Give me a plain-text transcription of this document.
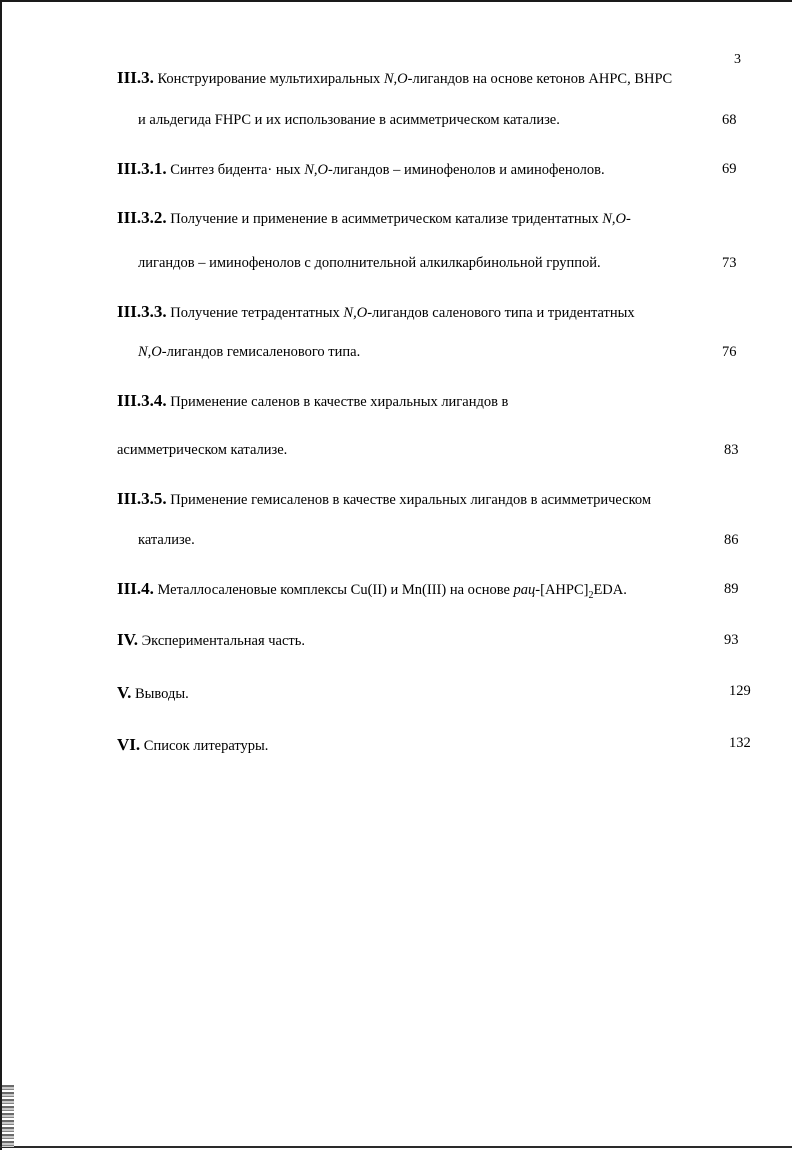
3
III.3. Конструирование мультихиральных N,O-лигандов на основе кетонов AHPC, BHPC
и альдегида FHPC и их использование в асимметрическом катализе.	68
III.3.1. Синтез бидента· ных N,O-лигандов – иминофенолов и аминофенолов.	69
III.3.2. Получение и применение в асимметрическом катализе тридентатных N,O-
лигандов – иминофенолов с дополнительной алкилкарбинольной группой.	73
III.3.3. Получение тетрадентатных N,O-лигандов саленового типа и тридентатных
N,O-лигандов гемисаленового типа.	76
III.3.4. Применение саленов в качестве хиральных лигандов в
асимметрическом катализе.	83
III.3.5. Применение гемисаленов в качестве хиральных лигандов в асимметрическом
катализе.	86
III.4. Металлосаленовые комплексы Cu(II) и Mn(III) на основе рац-$[AHPC]_2EDA$.	89
IV. Экспериментальная часть.	93
V. Выводы.	129
VI. Список литературы.	132
